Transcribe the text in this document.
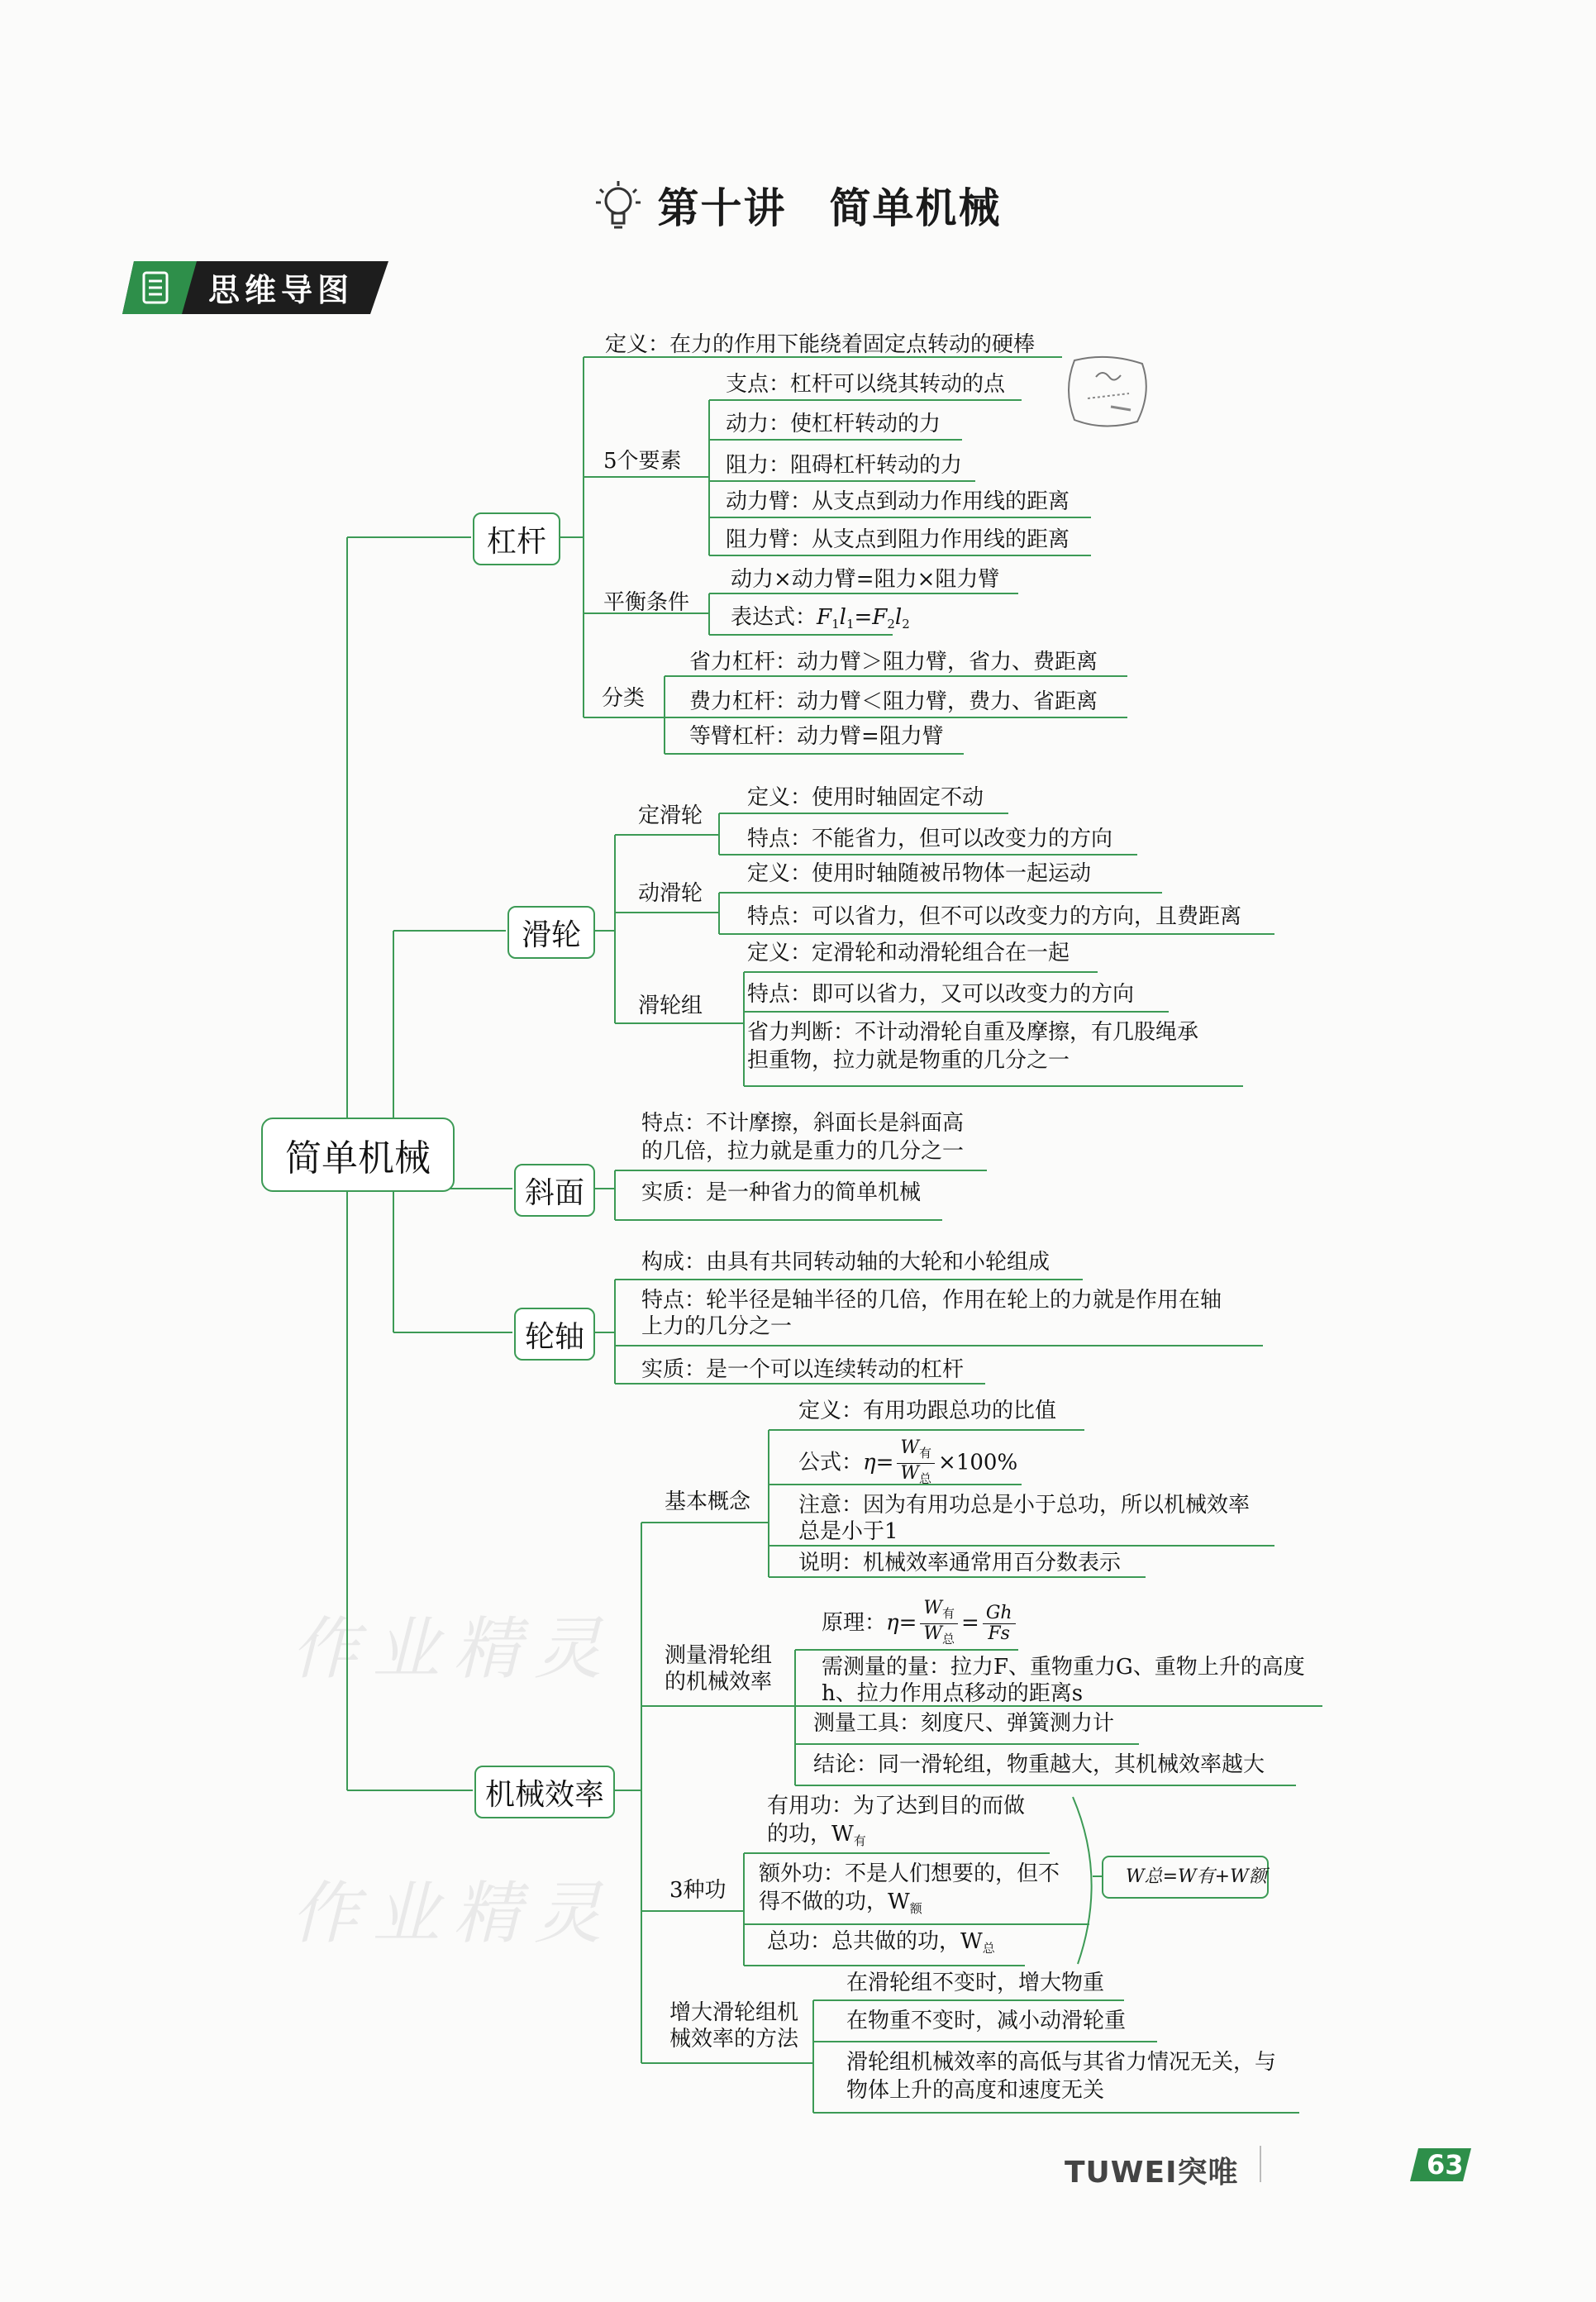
第十讲　简单机械
思维导图
作业精灵
作业精灵
简单机械
杠杆
滑轮
斜面
轮轴
机械效率
定义：在力的作用下能绕着固定点转动的硬棒
5个要素
支点：杠杆可以绕其转动的点
动力：使杠杆转动的力
阻力：阻碍杠杆转动的力
动力臂：从支点到动力作用线的距离
阻力臂：从支点到阻力作用线的距离
平衡条件
动力×动力臂=阻力×阻力臂
表达式：$F_1l_1=F_2l_2$
分类
省力杠杆：动力臂＞阻力臂，省力、费距离
费力杠杆：动力臂＜阻力臂，费力、省距离
等臂杠杆：动力臂=阻力臂
定滑轮
定义：使用时轴固定不动
特点：不能省力，但可以改变力的方向
动滑轮
定义：使用时轴随被吊物体一起运动
特点：可以省力，但不可以改变力的方向，且费距离
滑轮组
定义：定滑轮和动滑轮组合在一起
特点：即可以省力，又可以改变力的方向
省力判断：不计动滑轮自重及摩擦，有几股绳承
担重物，拉力就是物重的几分之一
特点：不计摩擦，斜面长是斜面高
的几倍，拉力就是重力的几分之一
实质：是一种省力的简单机械
构成：由具有共同转动轴的大轮和小轮组成
特点：轮半径是轴半径的几倍，作用在轮上的力就是作用在轴
上力的几分之一
实质：是一个可以连续转动的杠杆
基本概念
定义：有用功跟总功的比值
公式：$\eta= \frac{W_有}{W_总} \times 100\%$
注意：因为有用功总是小于总功，所以机械效率
总是小于1
说明：机械效率通常用百分数表示
测量滑轮组
的机械效率
原理：$\eta= \frac{W_有}{W_总} = \frac{Gh}{Fs}$
需测量的量：拉力F、重物重力G、重物上升的高度
h、拉力作用点移动的距离s
测量工具：刻度尺、弹簧测力计
结论：同一滑轮组，物重越大，其机械效率越大
3种功
有用功：为了达到目的而做
的功，$W_有$
额外功：不是人们想要的，但不
得不做的功，$W_额$
总功：总共做的功，$W_总$
W总=W有+W额
增大滑轮组机
械效率的方法
在滑轮组不变时，增大物重
在物重不变时，减小动滑轮重
滑轮组机械效率的高低与其省力情况无关，与
物体上升的高度和速度无关
TUWEI突唯	63
